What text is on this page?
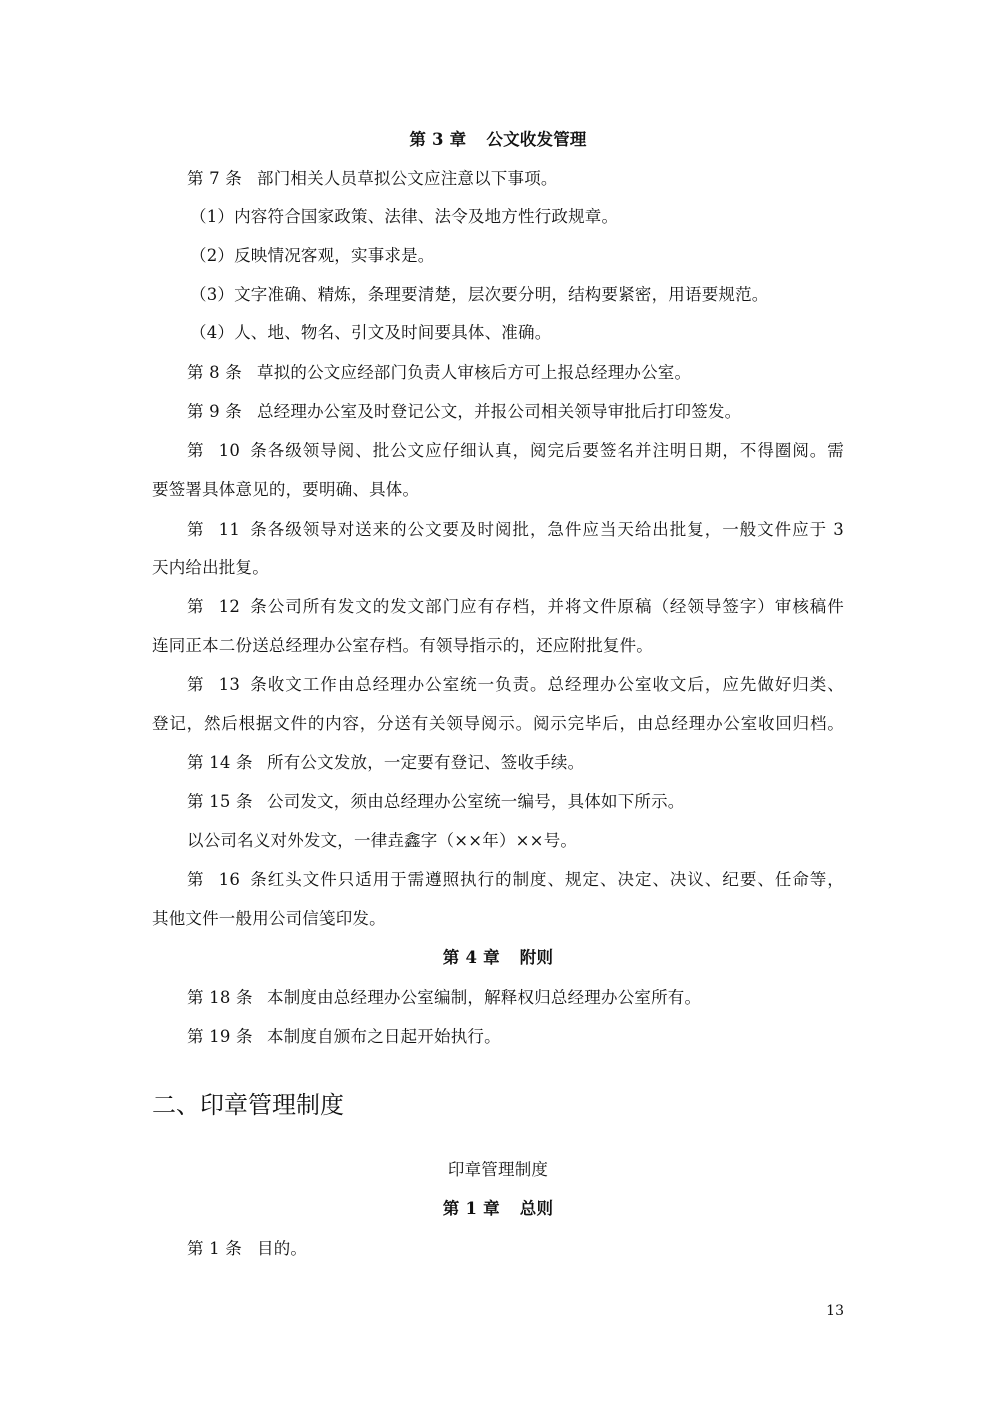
第 3 章 公文收发管理
第 7 条 部门相关人员草拟公文应注意以下事项。
（1）内容符合国家政策、法律、法令及地方性行政规章。
（2）反映情况客观，实事求是。
（3）文字准确、精炼，条理要清楚，层次要分明，结构要紧密，用语要规范。
（4）人、地、物名、引文及时间要具体、准确。
第 8 条 草拟的公文应经部门负责人审核后方可上报总经理办公室。
第 9 条 总经理办公室及时登记公文，并报公司相关领导审批后打印签发。
第 10 条各级领导阅、批公文应仔细认真，阅完后要签名并注明日期，不得圈阅。需
要签署具体意见的，要明确、具体。
第 11 条各级领导对送来的公文要及时阅批，急件应当天给出批复，一般文件应于 3
天内给出批复。
第 12 条公司所有发文的发文部门应有存档，并将文件原稿（经领导签字）审核稿件
连同正本二份送总经理办公室存档。有领导指示的，还应附批复件。
第 13 条收文工作由总经理办公室统一负责。总经理办公室收文后，应先做好归类、
登记，然后根据文件的内容，分送有关领导阅示。阅示完毕后，由总经理办公室收回归档。
第 14 条 所有公文发放，一定要有登记、签收手续。
第 15 条 公司发文，须由总经理办公室统一编号，具体如下所示。
以公司名义对外发文，一律垚鑫字（××年）××号。
第 16 条红头文件只适用于需遵照执行的制度、规定、决定、决议、纪要、任命等，
其他文件一般用公司信笺印发。
第 4 章 附则
第 18 条 本制度由总经理办公室编制，解释权归总经理办公室所有。
第 19 条 本制度自颁布之日起开始执行。
二、印章管理制度
印章管理制度
第 1 章 总则
第 1 条 目的。
13
